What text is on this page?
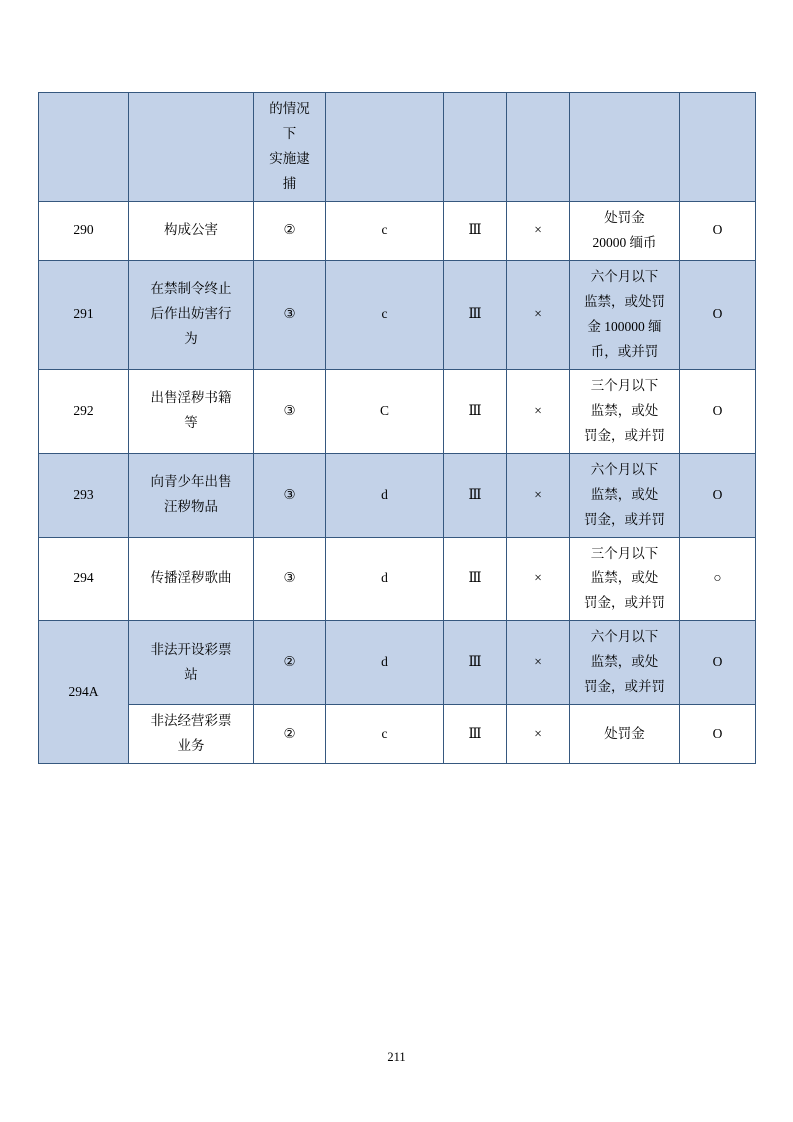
		的情况
下
实施逮
捕					

290	构成公害	②	c	Ⅲ	×	处罚金
20000 缅币	O

291	在禁制令终止
后作出妨害行
为	③	c	Ⅲ	×	六个月以下
监禁，或处罚
金 100000 缅
币，或并罚	O

292	出售淫秽书籍
等	③	C	Ⅲ	×	三个月以下
监禁，或处
罚金，或并罚	O

293	向青少年出售
汪秽物品	③	d	Ⅲ	×	六个月以下
监禁，或处
罚金，或并罚	O

294	传播淫秽歌曲	③	d	Ⅲ	×	三个月以下
监禁，或处
罚金，或并罚	○

294A	非法开设彩票
站	②	d	Ⅲ	×	六个月以下
监禁，或处
罚金，或并罚	O

	非法经营彩票
业务	②	c	Ⅲ	×	处罚金	O
211
